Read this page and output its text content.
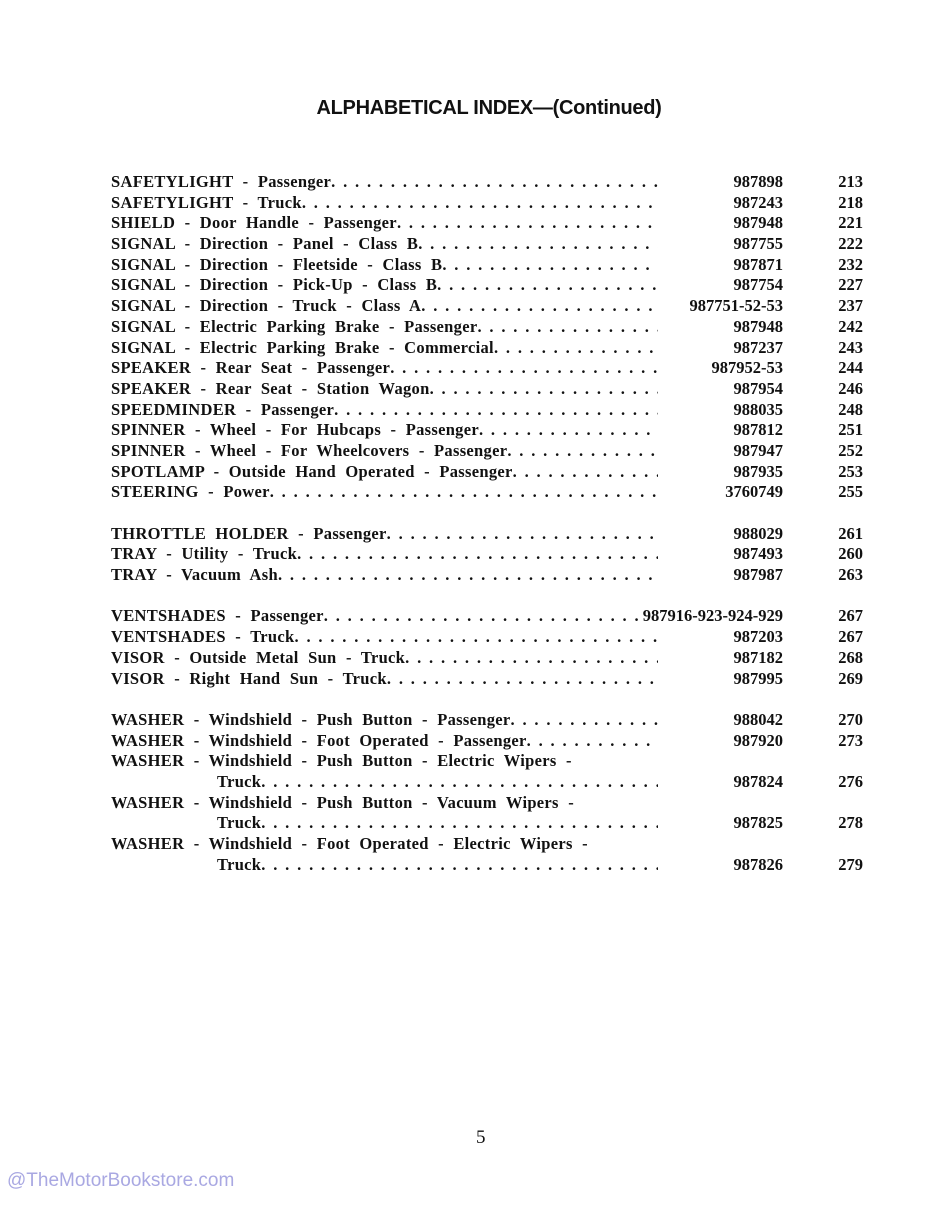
ALPHABETICAL INDEX—(Continued)
SAFETYLIGHT - Passenger . . .	987898	213
SAFETYLIGHT - Truck . . .	987243	218
SHIELD - Door Handle - Passenger . . .	987948	221
SIGNAL - Direction - Panel - Class B . . .	987755	222
SIGNAL - Direction - Fleetside - Class B . . .	987871	232
SIGNAL - Direction - Pick-Up - Class B . . .	987754	227
SIGNAL - Direction - Truck - Class A . . .	987751-52-53	237
SIGNAL - Electric Parking Brake - Passenger . . .	987948	242
SIGNAL - Electric Parking Brake - Commercial . . .	987237	243
SPEAKER - Rear Seat - Passenger . . .	987952-53	244
SPEAKER - Rear Seat - Station Wagon . . .	987954	246
SPEEDMINDER - Passenger . . .	988035	248
SPINNER - Wheel - For Hubcaps - Passenger . . .	987812	251
SPINNER - Wheel - For Wheelcovers - Passenger . . .	987947	252
SPOTLAMP - Outside Hand Operated - Passenger . . .	987935	253
STEERING - Power . . .	3760749	255
THROTTLE HOLDER - Passenger . . .	988029	261
TRAY - Utility - Truck . . .	987493	260
TRAY - Vacuum Ash . . .	987987	263
VENTSHADES - Passenger . . .	987916-923-924-929	267
VENTSHADES - Truck . . .	987203	267
VISOR - Outside Metal Sun - Truck . . .	987182	268
VISOR - Right Hand Sun - Truck . . .	987995	269
WASHER - Windshield - Push Button - Passenger . . .	988042	270
WASHER - Windshield - Foot Operated - Passenger . . .	987920	273
WASHER - Windshield - Push Button - Electric Wipers -
Truck . . .	987824	276
WASHER - Windshield - Push Button - Vacuum Wipers -
Truck . . .	987825	278
WASHER - Windshield - Foot Operated - Electric Wipers -
Truck . . .	987826	279
5
@TheMotorBookstore.com
